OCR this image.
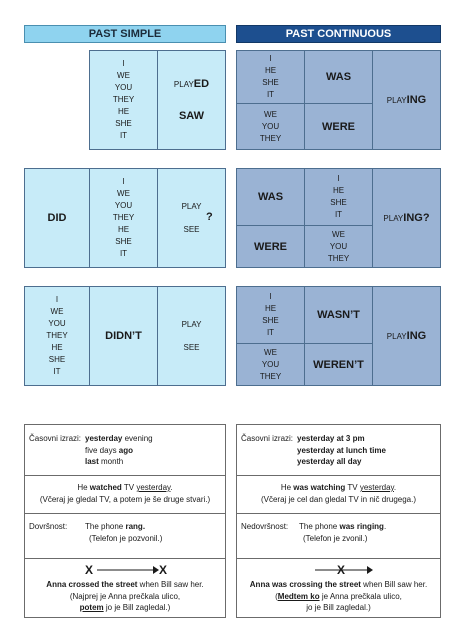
PAST SIMPLE	PAST CONTINUOUS
I
WE
YOU
THEY
HE
SHE
IT
PLAYED
SAW
I
HE
SHE
IT
WAS
WE
YOU
THEY
WERE
PLAYING
DID
I
WE
YOU
THEY
HE
SHE
IT
PLAY
?
SEE
WAS
I
HE
SHE
IT
WERE
WE
YOU
THEY
PLAYING?
I
WE
YOU
THEY
HE
SHE
IT
DIDN’T
PLAY
SEE
I
HE
SHE
IT
WASN’T
WE
YOU
THEY
WEREN’T
PLAYING
Časovni izrazi: yesterday evening
five days ago
last month
He watched TV yesterday.
(Včeraj je gledal TV, a potem je še druge stvari.)
Dovršnost: The phone rang.
(Telefon je pozvonil.)
X	X
Anna crossed the street when Bill saw her.
(Najprej je Anna prečkala ulico,
potem jo je Bill zagledal.)
Časovni izrazi: yesterday at 3 pm
yesterday at lunch time
yesterday all day
He was watching TV yesterday.
(Včeraj je cel dan gledal TV in nič drugega.)
Nedovršnost: The phone was ringing.
(Telefon je zvonil.)
X
Anna was crossing the street when Bill saw her.
(Medtem ko je Anna prečkala ulico,
jo je Bill zagledal.)
